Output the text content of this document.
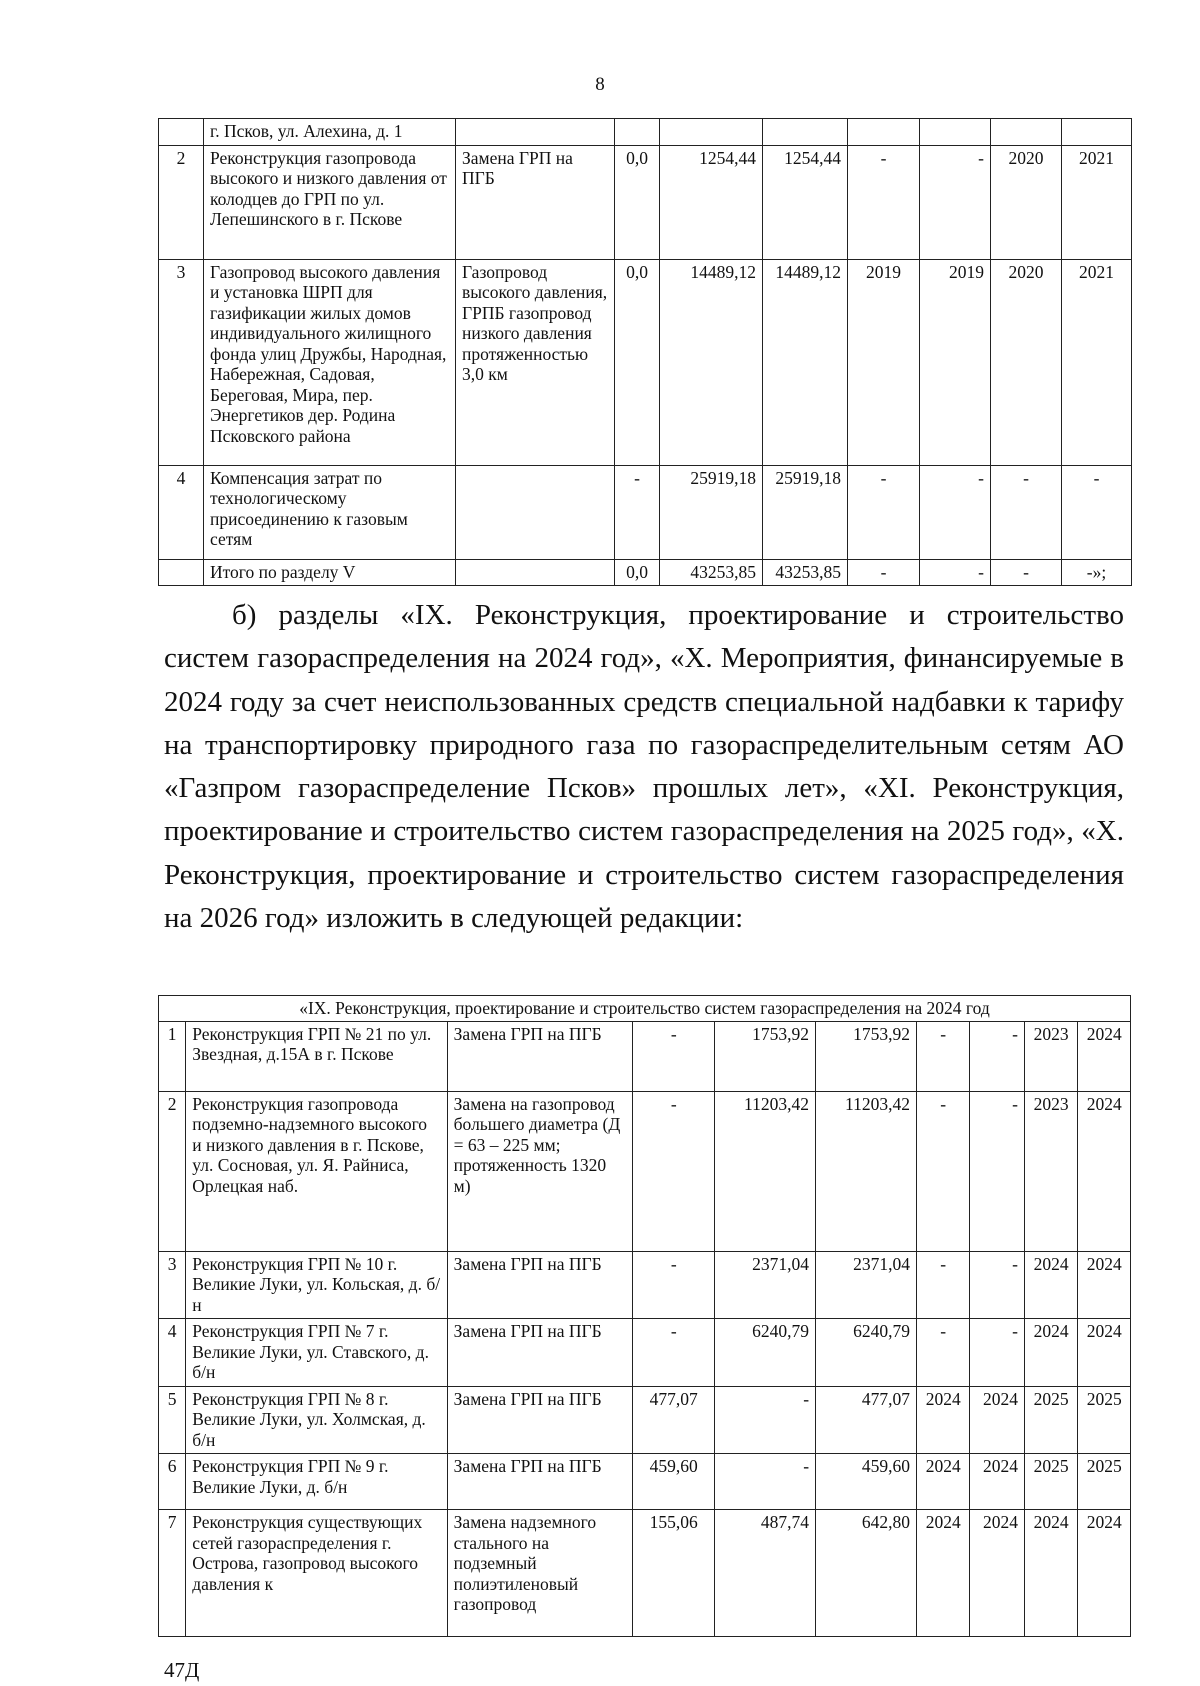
8
	г. Псков, ул. Алехина, д. 1								
2	Реконструкция газопровода высокого и низкого давления от колодцев до ГРП по ул. Лепешинского в г. Пскове	Замена ГРП на ПГБ	0,0	1254,44	1254,44	-	-	2020	2021
3	Газопровод высокого давления и установка ШРП для газификации жилых домов индивидуального жилищного фонда улиц Дружбы, Народная, Набережная, Садовая, Береговая, Мира, пер. Энергетиков дер. Родина Псковского района	Газопровод высокого давления, ГРПБ газопровод низкого давления протяженностью 3,0 км	0,0	14489,12	14489,12	2019	2019	2020	2021
4	Компенсация затрат по технологическому присоединению к газовым сетям		-	25919,18	25919,18	-	-	-	-
	Итого по разделу V		0,0	43253,85	43253,85	-	-	-	-»;
б) разделы «IX. Реконструкция, проектирование и строительство систем газораспределения на 2024 год», «X. Мероприятия, финансируемые в 2024 году за счет неиспользованных средств специальной надбавки к тарифу на транспортировку природного газа по газораспределительным сетям АО «Газпром газораспределение Псков» прошлых лет», «XI. Реконструкция, проектирование и строительство систем газораспределения на 2025 год», «X. Реконструкция, проектирование и строительство систем газораспределения на 2026 год» изложить в следующей редакции:
«IX. Реконструкция, проектирование и строительство систем газораспределения на 2024 год									
1	Реконструкция ГРП № 21 по ул. Звездная, д.15А в г. Пскове	Замена ГРП на ПГБ	-	1753,92	1753,92	-	-	2023	2024
2	Реконструкция газопровода подземно-надземного высокого и низкого давления в г. Пскове, ул. Сосновая, ул. Я. Райниса, Орлецкая наб.	Замена на газопровод большего диаметра (Д = 63 – 225 мм; протяженность 1320 м)	-	11203,42	11203,42	-	-	2023	2024
3	Реконструкция ГРП № 10 г. Великие Луки, ул. Кольская, д. б/н	Замена ГРП на ПГБ	-	2371,04	2371,04	-	-	2024	2024
4	Реконструкция ГРП № 7 г. Великие Луки, ул. Ставского, д. б/н	Замена ГРП на ПГБ	-	6240,79	6240,79	-	-	2024	2024
5	Реконструкция ГРП № 8 г. Великие Луки, ул. Холмская, д. б/н	Замена ГРП на ПГБ	477,07	-	477,07	2024	2024	2025	2025
6	Реконструкция ГРП № 9 г. Великие Луки, д. б/н	Замена ГРП на ПГБ	459,60	-	459,60	2024	2024	2025	2025
7	Реконструкция существующих сетей газораспределения г. Острова, газопровод высокого давления к	Замена надземного стального на подземный полиэтиленовый газопровод	155,06	487,74	642,80	2024	2024	2024	2024
47Д
